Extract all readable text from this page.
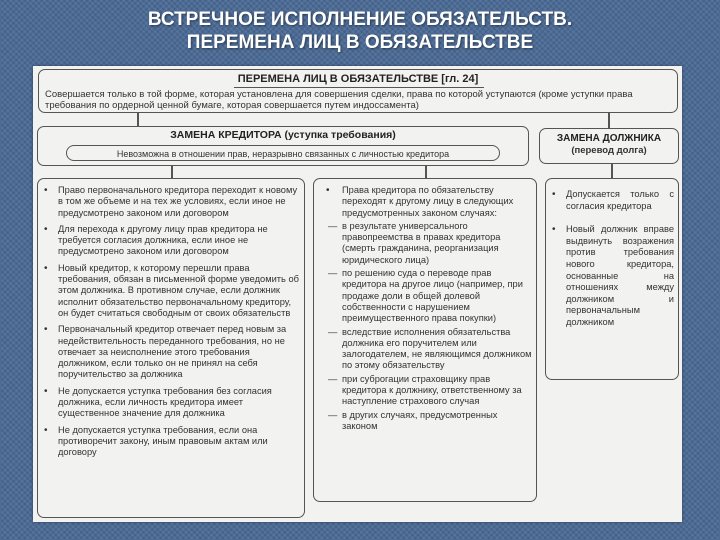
ВСТРЕЧНОЕ ИСПОЛНЕНИЕ ОБЯЗАТЕЛЬСТВ.
ПЕРЕМЕНА ЛИЦ В ОБЯЗАТЕЛЬСТВЕ
ПЕРЕМЕНА ЛИЦ В ОБЯЗАТЕЛЬСТВЕ [гл. 24]
Совершается только в той форме, которая установлена для совершения сделки, права по которой уступаются (кроме уступки права требования по ордерной ценной бумаге, которая совершается путем индоссамента)
ЗАМЕНА КРЕДИТОРА (уступка требования)
Невозможна в отношении прав, неразрывно связанных с личностью кредитора
ЗАМЕНА ДОЛЖНИКА
(перевод долга)
• Право первоначального кредитора переходит к новому в том же объеме и на тех же условиях, если иное не предусмотрено законом или договором
• Для перехода к другому лицу прав кредитора не требуется согласия должника, если иное не предусмотрено законом или договором
• Новый кредитор, к которому перешли права требования, обязан в письменной форме уведомить об этом должника. В противном случае, если должник исполнит обязательство первоначальному кредитору, он будет считаться свободным от своих обязательств
• Первоначальный кредитор отвечает перед новым за недействительность переданного требования, но не отвечает за неисполнение этого требования должником, если только он не принял на себя поручительство за должника
• Не допускается уступка требования без согласия должника, если личность кредитора имеет существенное значение для должника
• Не допускается уступка требования, если она противоречит закону, иным правовым актам или договору
• Права кредитора по обязательству переходят к другому лицу в следующих предусмотренных законом случаях:
— в результате универсального правопреемства в правах кредитора (смерть гражданина, реорганизация юридического лица)
— по решению суда о переводе прав кредитора на другое лицо (например, при продаже доли в общей долевой собственности с нарушением преимущественного права покупки)
— вследствие исполнения обязательства должника его поручителем или залогодателем, не являющимся должником по этому обязательству
— при суброгации страховщику прав кредитора к должнику, ответственному за наступление страхового случая
— в других случаях, предусмотренных законом
• Допускается только с согласия кредитора
• Новый должник вправе выдвинуть возражения против требования нового кредитора, основанные на отношениях между должником и первоначальным должником
